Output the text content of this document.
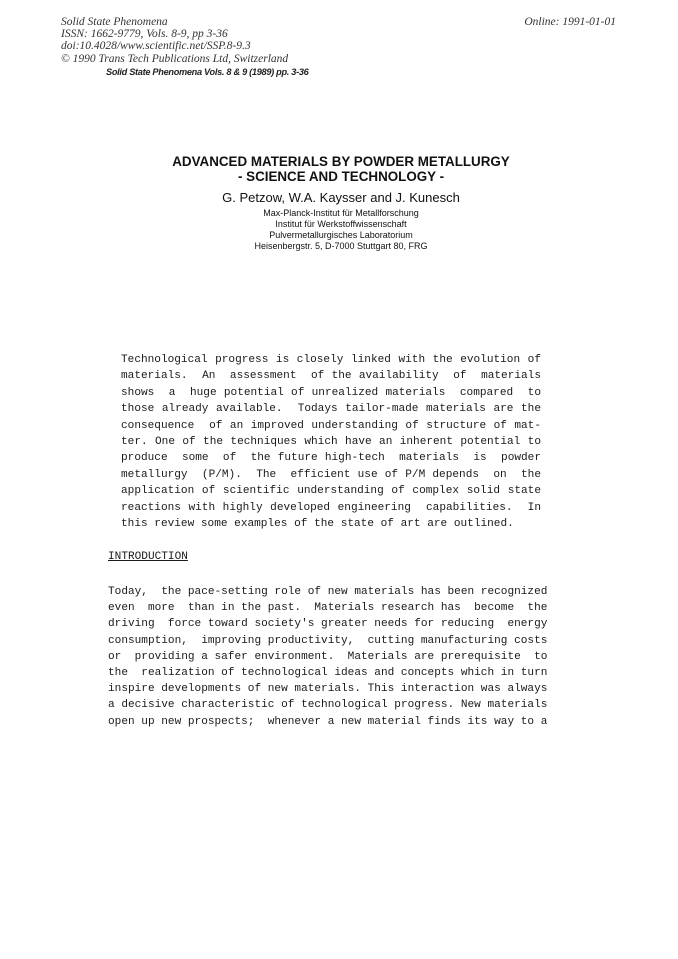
Solid State Phenomena
ISSN: 1662-9779, Vols. 8-9, pp 3-36
doi:10.4028/www.scientific.net/SSP.8-9.3
© 1990 Trans Tech Publications Ltd, Switzerland
Online: 1991-01-01
Solid State Phenomena Vols. 8 & 9 (1989) pp. 3-36
ADVANCED MATERIALS BY POWDER METALLURGY
- SCIENCE AND TECHNOLOGY -
G. Petzow, W.A. Kaysser and J. Kunesch
Max-Planck-Institut für Metallforschung
Institut für Werkstoffwissenschaft
Pulvermetallurgisches Laboratorium
Heisenbergstr. 5, D-7000 Stuttgart 80, FRG
Technological progress is closely linked with the evolution of
materials.  An  assessment  of the availability  of  materials
shows  a  huge potential of unrealized materials  compared  to
those already available.  Todays tailor-made materials are the
consequence  of an improved understanding of structure of mat-
ter. One of the techniques which have an inherent potential to
produce  some  of  the future high-tech  materials  is  powder
metallurgy  (P/M).  The  efficient use of P/M depends  on  the
application of scientific understanding of complex solid state
reactions with highly developed engineering  capabilities.  In
this review some examples of the state of art are outlined.
INTRODUCTION
Today,  the pace-setting role of new materials has been recognized
even  more  than in the past.  Materials research has  become  the
driving  force toward society's greater needs for reducing  energy
consumption,  improving productivity,  cutting manufacturing costs
or  providing a safer environment.  Materials are prerequisite  to
the  realization of technological ideas and concepts which in turn
inspire developments of new materials. This interaction was always
a decisive characteristic of technological progress. New materials
open up new prospects;  whenever a new material finds its way to a
